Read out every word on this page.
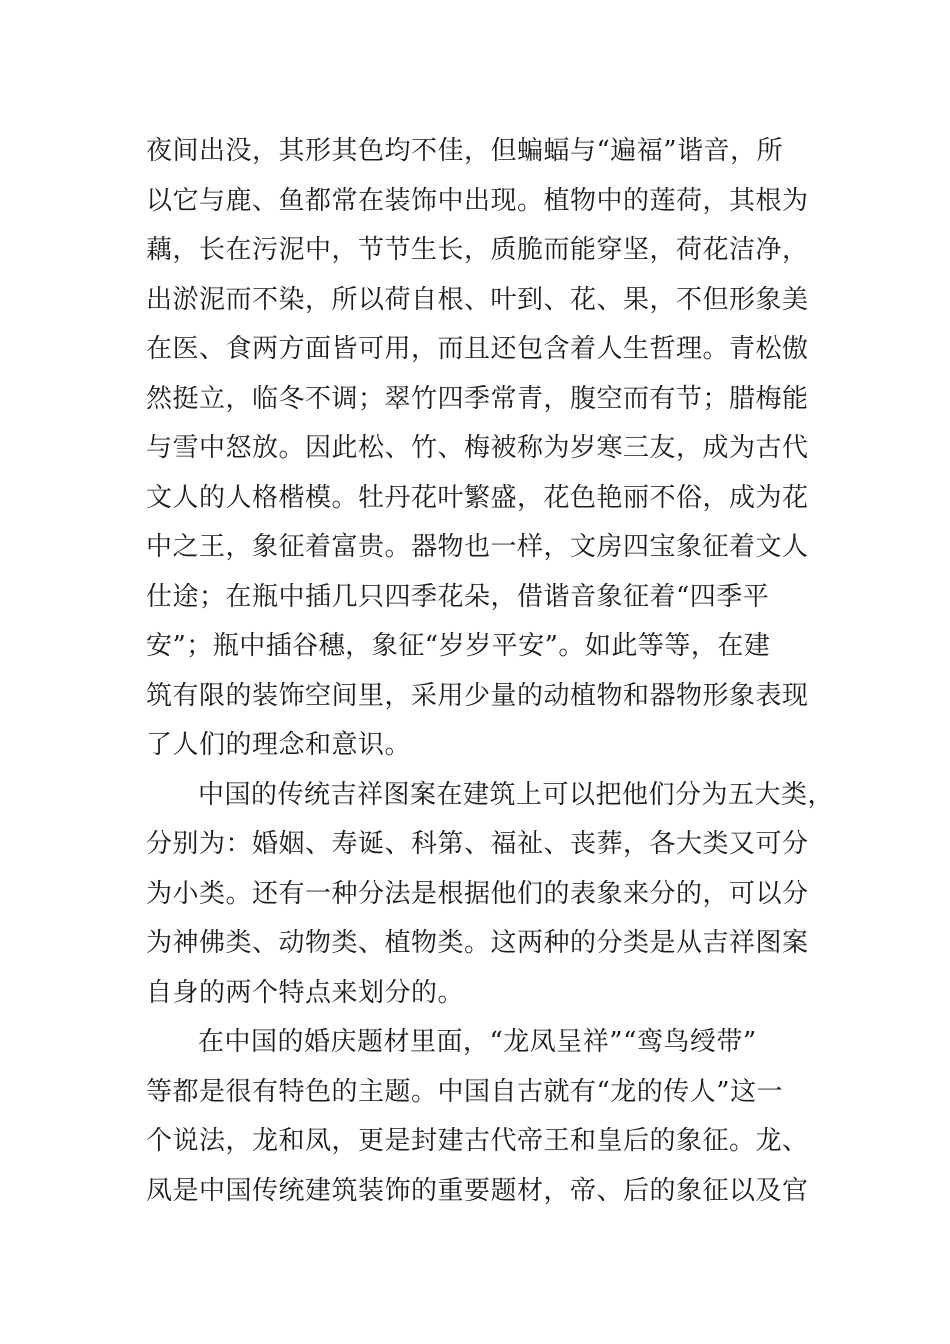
夜间出没，其形其色均不佳，但蝙蝠与“遍福”谐音，所
以它与鹿、鱼都常在装饰中出现。植物中的莲荷，其根为
藕，长在污泥中，节节生长，质脆而能穿坚，荷花洁净，
出淤泥而不染，所以荷自根、叶到、花、果，不但形象美
在医、食两方面皆可用，而且还包含着人生哲理。青松傲
然挺立，临冬不调；翠竹四季常青，腹空而有节；腊梅能
与雪中怒放。因此松、竹、梅被称为岁寒三友，成为古代
文人的人格楷模。牡丹花叶繁盛，花色艳丽不俗，成为花
中之王，象征着富贵。器物也一样，文房四宝象征着文人
仕途；在瓶中插几只四季花朵，借谐音象征着“四季平
安”；瓶中插谷穗，象征“岁岁平安”。如此等等，在建
筑有限的装饰空间里，采用少量的动植物和器物形象表现
了人们的理念和意识。
中国的传统吉祥图案在建筑上可以把他们分为五大类，
分别为：婚姻、寿诞、科第、福祉、丧葬，各大类又可分
为小类。还有一种分法是根据他们的表象来分的，可以分
为神佛类、动物类、植物类。这两种的分类是从吉祥图案
自身的两个特点来划分的。
在中国的婚庆题材里面，“龙凤呈祥”“鸾鸟绶带”
等都是很有特色的主题。中国自古就有“龙的传人”这一
个说法，龙和凤，更是封建古代帝王和皇后的象征。龙、
凤是中国传统建筑装饰的重要题材，帝、后的象征以及官
